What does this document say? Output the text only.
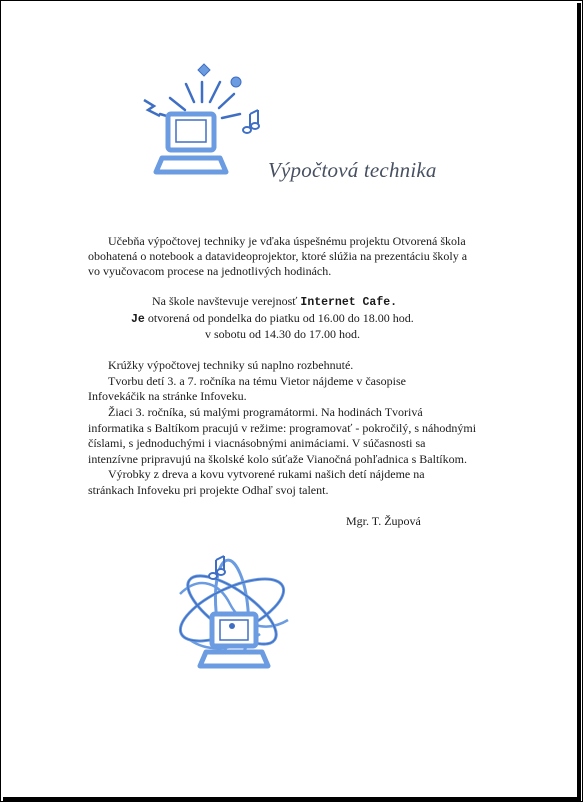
Výpočtová technika
Učebňa výpočtovej techniky je vďaka úspešnému projektu Otvorená škola
obohatená o notebook a datavideoprojektor, ktoré slúžia na prezentáciu školy a
vo vyučovacom procese na jednotlivých hodinách.
Na škole navštevuje verejnosť Internet Cafe.
Je otvorená od pondelka do piatku od 16.00 do 18.00 hod.
v sobotu od 14.30 do 17.00 hod.
Krúžky výpočtovej techniky sú naplno rozbehnuté.
Tvorbu detí 3. a 7. ročníka na tému Vietor nájdeme v časopise
Infovekáčik na stránke Infoveku.
Žiaci 3. ročníka, sú malými programátormi. Na hodinách Tvorivá
informatika s Baltíkom pracujú v režime: programovať - pokročilý, s náhodnými
číslami, s jednoduchými i viacnásobnými animáciami. V súčasnosti sa
intenzívne pripravujú na školské kolo súťaže Vianočná pohľadnica s Baltíkom.
Výrobky z dreva a kovu vytvorené rukami našich detí nájdeme na
stránkach Infoveku pri projekte Odhaľ svoj talent.
Mgr. T. Župová
